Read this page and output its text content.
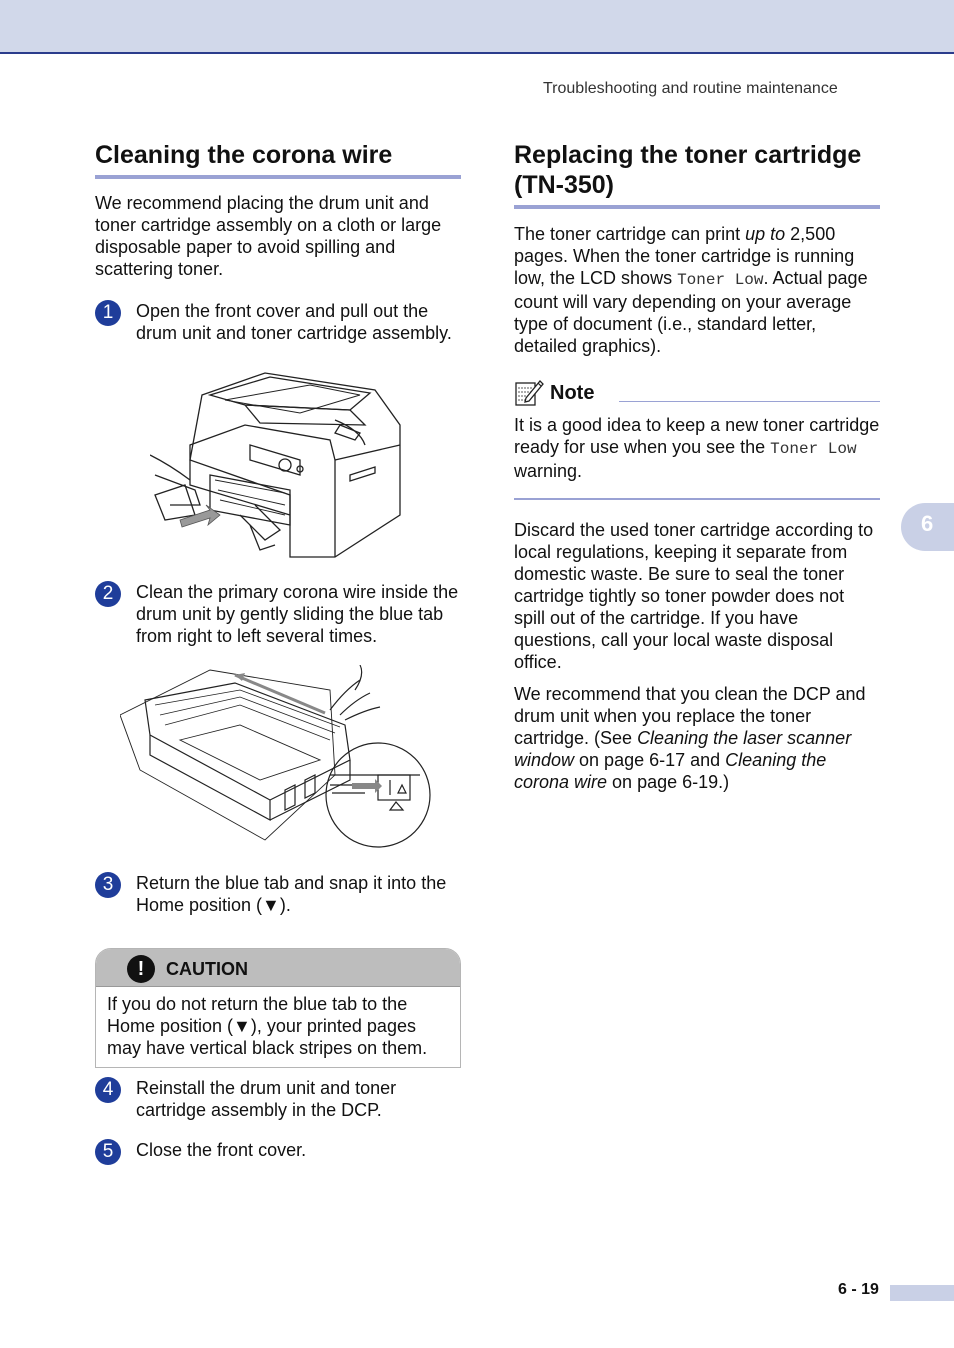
Troubleshooting and routine maintenance
Cleaning the corona wire

We recommend placing the drum unit and toner cartridge assembly on a cloth or large disposable paper to avoid spilling and scattering toner.

1	Open the front cover and pull out the drum unit and toner cartridge assembly.
2	Clean the primary corona wire inside the drum unit by gently sliding the blue tab from right to left several times.
3	Return the blue tab and snap it into the Home position (▼).
!	CAUTION
If you do not return the blue tab to the Home position (▼), your printed pages may have vertical black stripes on them.
4	Reinstall the drum unit and toner cartridge assembly in the DCP.
5	Close the front cover.
Replacing the toner cartridge
(TN-350)

The toner cartridge can print up to 2,500 pages. When the toner cartridge is running low, the LCD shows Toner Low. Actual page count will vary depending on your average type of document (i.e., standard letter, detailed graphics).

Note

It is a good idea to keep a new toner cartridge ready for use when you see the Toner Low warning.

Discard the used toner cartridge according to local regulations, keeping it separate from domestic waste. Be sure to seal the toner cartridge tightly so toner powder does not spill out of the cartridge. If you have questions, call your local waste disposal office.

We recommend that you clean the DCP and drum unit when you replace the toner cartridge. (See Cleaning the laser scanner window on page 6-17 and Cleaning the corona wire on page 6-19.)

6
6 - 19
